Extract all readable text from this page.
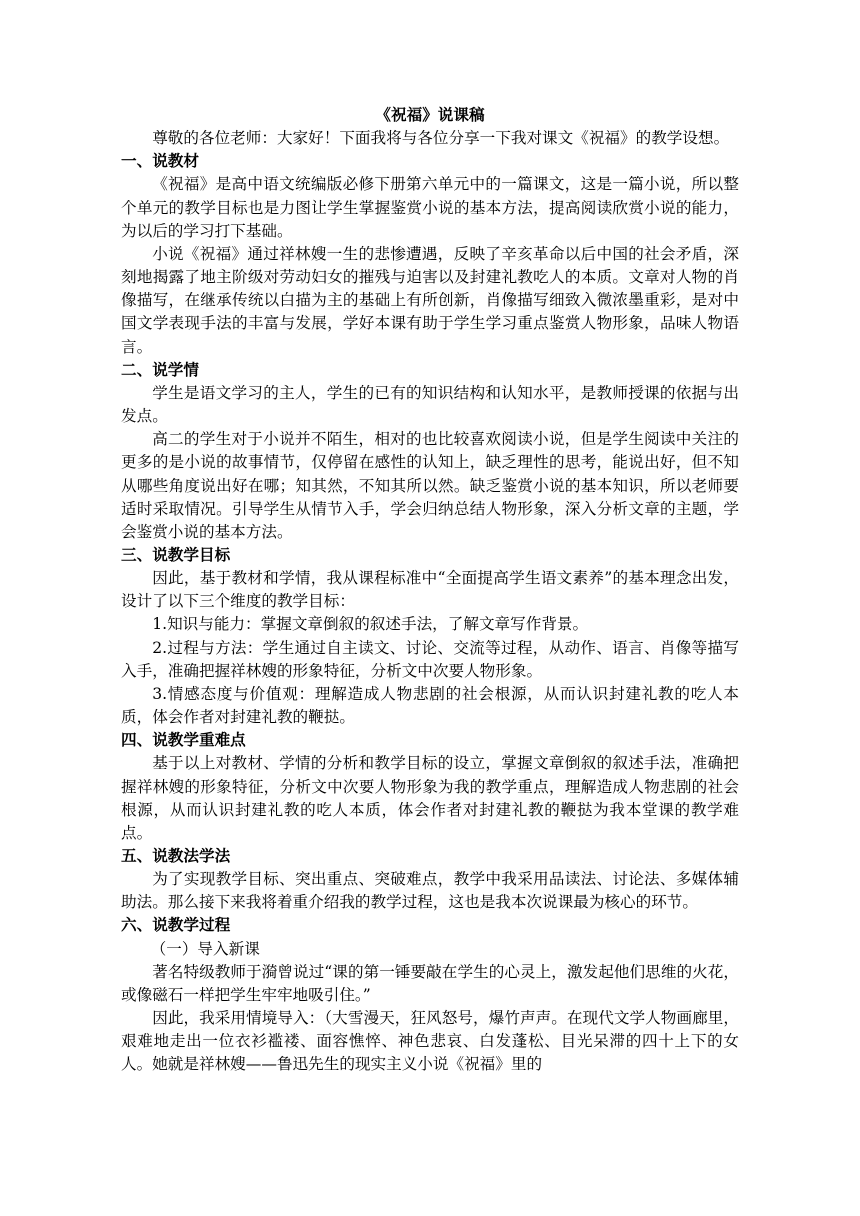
《祝福》说课稿

尊敬的各位老师：大家好！下面我将与各位分享一下我对课文《祝福》的教学设想。

一、说教材

《祝福》是高中语文统编版必修下册第六单元中的一篇课文，这是一篇小说，所以整个单元的教学目标也是力图让学生掌握鉴赏小说的基本方法，提高阅读欣赏小说的能力，为以后的学习打下基础。

小说《祝福》通过祥林嫂一生的悲惨遭遇，反映了辛亥革命以后中国的社会矛盾，深刻地揭露了地主阶级对劳动妇女的摧残与迫害以及封建礼教吃人的本质。文章对人物的肖像描写，在继承传统以白描为主的基础上有所创新，肖像描写细致入微浓墨重彩，是对中国文学表现手法的丰富与发展，学好本课有助于学生学习重点鉴赏人物形象，品味人物语言。

二、说学情

学生是语文学习的主人，学生的已有的知识结构和认知水平，是教师授课的依据与出发点。

高二的学生对于小说并不陌生，相对的也比较喜欢阅读小说，但是学生阅读中关注的更多的是小说的故事情节，仅停留在感性的认知上，缺乏理性的思考，能说出好，但不知从哪些角度说出好在哪；知其然，不知其所以然。缺乏鉴赏小说的基本知识，所以老师要适时采取情况。引导学生从情节入手，学会归纳总结人物形象，深入分析文章的主题，学会鉴赏小说的基本方法。

三、说教学目标

因此，基于教材和学情，我从课程标准中“全面提高学生语文素养”的基本理念出发，设计了以下三个维度的教学目标：

1.知识与能力：掌握文章倒叙的叙述手法，了解文章写作背景。

2.过程与方法：学生通过自主读文、讨论、交流等过程，从动作、语言、肖像等描写入手，准确把握祥林嫂的形象特征，分析文中次要人物形象。

3.情感态度与价值观：理解造成人物悲剧的社会根源，从而认识封建礼教的吃人本质，体会作者对封建礼教的鞭挞。

四、说教学重难点

基于以上对教材、学情的分析和教学目标的设立，掌握文章倒叙的叙述手法，准确把握祥林嫂的形象特征，分析文中次要人物形象为我的教学重点，理解造成人物悲剧的社会根源，从而认识封建礼教的吃人本质，体会作者对封建礼教的鞭挞为我本堂课的教学难点。

五、说教法学法

为了实现教学目标、突出重点、突破难点，教学中我采用品读法、讨论法、多媒体辅助法。那么接下来我将着重介绍我的教学过程，这也是我本次说课最为核心的环节。

六、说教学过程

（一）导入新课

著名特级教师于漪曾说过“课的第一锤要敲在学生的心灵上，激发起他们思维的火花，或像磁石一样把学生牢牢地吸引住。”

因此，我采用情境导入：（大雪漫天，狂风怒号，爆竹声声。在现代文学人物画廊里，艰难地走出一位衣衫褴褛、面容憔悴、神色悲哀、白发蓬松、目光呆滞的四十上下的女人。她就是祥林嫂——鲁迅先生的现实主义小说《祝福》里的
